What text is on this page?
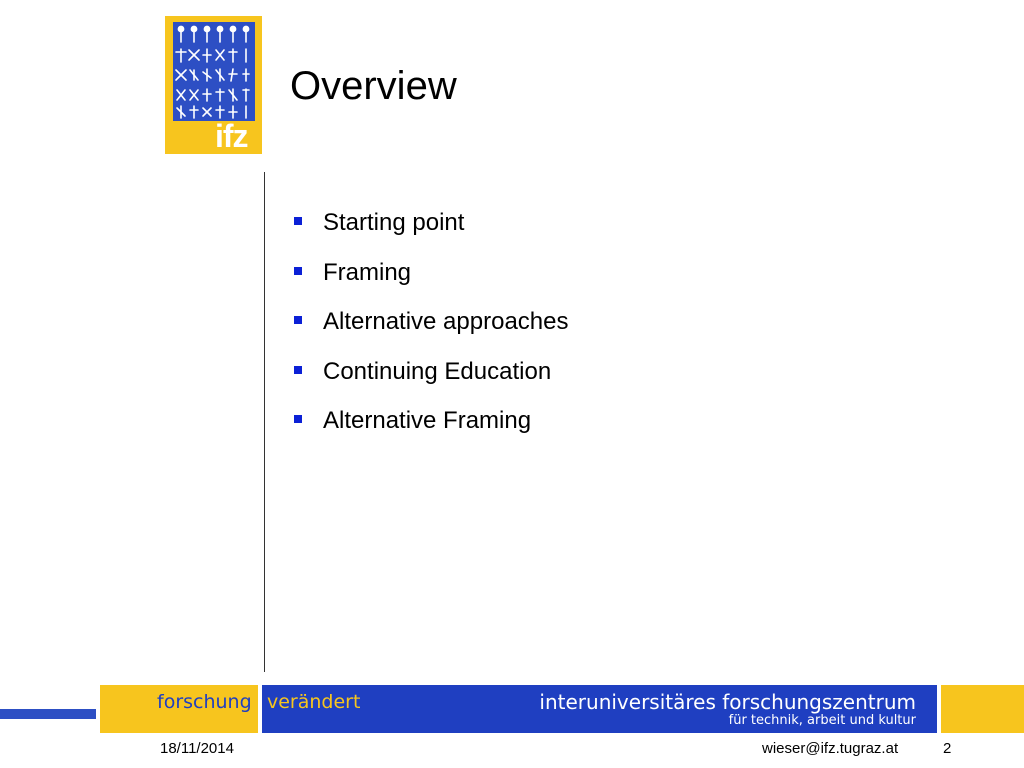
ifz
Overview
Starting point
Framing
Alternative approaches
Continuing Education
Alternative Framing
forschung verändert	interuniversitäres forschungszentrum
für technik, arbeit und kultur
18/11/2014	wieser@ifz.tugraz.at	2
